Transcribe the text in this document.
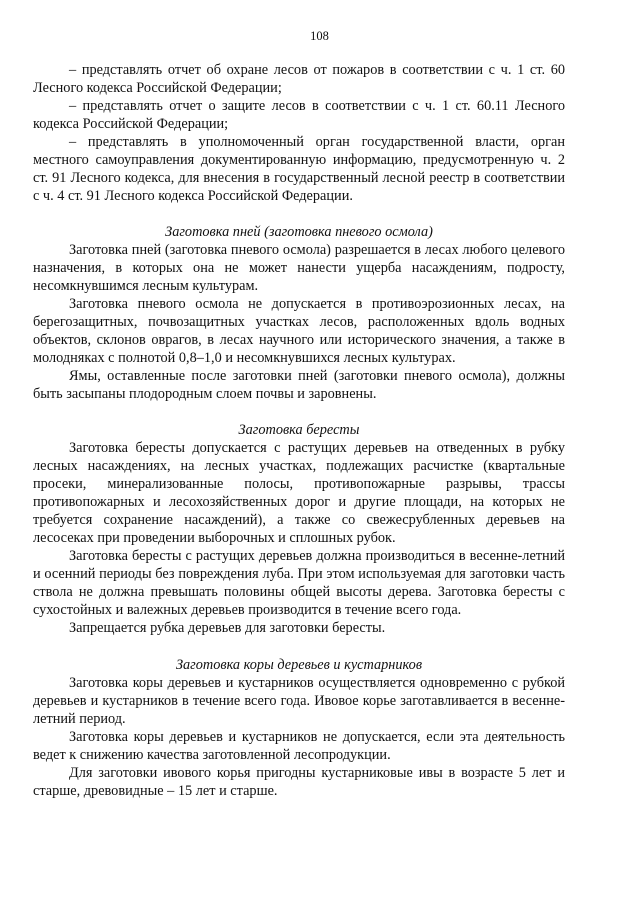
108

– представлять отчет об охране лесов от пожаров в соответствии с ч. 1 ст. 60 Лесного кодекса Российской Федерации;

– представлять отчет о защите лесов в соответствии с ч. 1 ст. 60.11 Лесного кодекса Российской Федерации;

– представлять в уполномоченный орган государственной власти, орган местного самоуправления документированную информацию, предусмотренную ч. 2 ст. 91 Лесного кодекса, для внесения в государственный лесной реестр в соответствии с ч. 4 ст. 91 Лесного кодекса Российской Федерации.

Заготовка пней (заготовка пневого осмола)

Заготовка пней (заготовка пневого осмола) разрешается в лесах любого целевого назначения, в которых она не может нанести ущерба насаждениям, подросту, несомкнувшимся лесным культурам.

Заготовка пневого осмола не допускается в противоэрозионных лесах, на берегозащитных, почвозащитных участках лесов, расположенных вдоль водных объектов, склонов оврагов, в лесах научного или исторического значения, а также в молодняках с полнотой 0,8–1,0 и несомкнувшихся лесных культурах.

Ямы, оставленные после заготовки пней (заготовки пневого осмола), должны быть засыпаны плодородным слоем почвы и заровнены.

Заготовка бересты

Заготовка бересты допускается с растущих деревьев на отведенных в рубку лесных насаждениях, на лесных участках, подлежащих расчистке (квартальные просеки, минерализованные полосы, противопожарные разрывы, трассы противопожарных и лесохозяйственных дорог и другие площади, на которых не требуется сохранение насаждений), а также со свежесрубленных деревьев на лесосеках при проведении выборочных и сплошных рубок.

Заготовка бересты с растущих деревьев должна производиться в весенне-летний и осенний периоды без повреждения луба. При этом используемая для заготовки часть ствола не должна превышать половины общей высоты дерева. Заготовка бересты с сухостойных и валежных деревьев производится в течение всего года.

Запрещается рубка деревьев для заготовки бересты.

Заготовка коры деревьев и кустарников

Заготовка коры деревьев и кустарников осуществляется одновременно с рубкой деревьев и кустарников в течение всего года. Ивовое корье заготавливается в весенне-летний период.

Заготовка коры деревьев и кустарников не допускается, если эта деятельность ведет к снижению качества заготовленной лесопродукции.

Для заготовки ивового корья пригодны кустарниковые ивы в возрасте 5 лет и старше, древовидные – 15 лет и старше.
